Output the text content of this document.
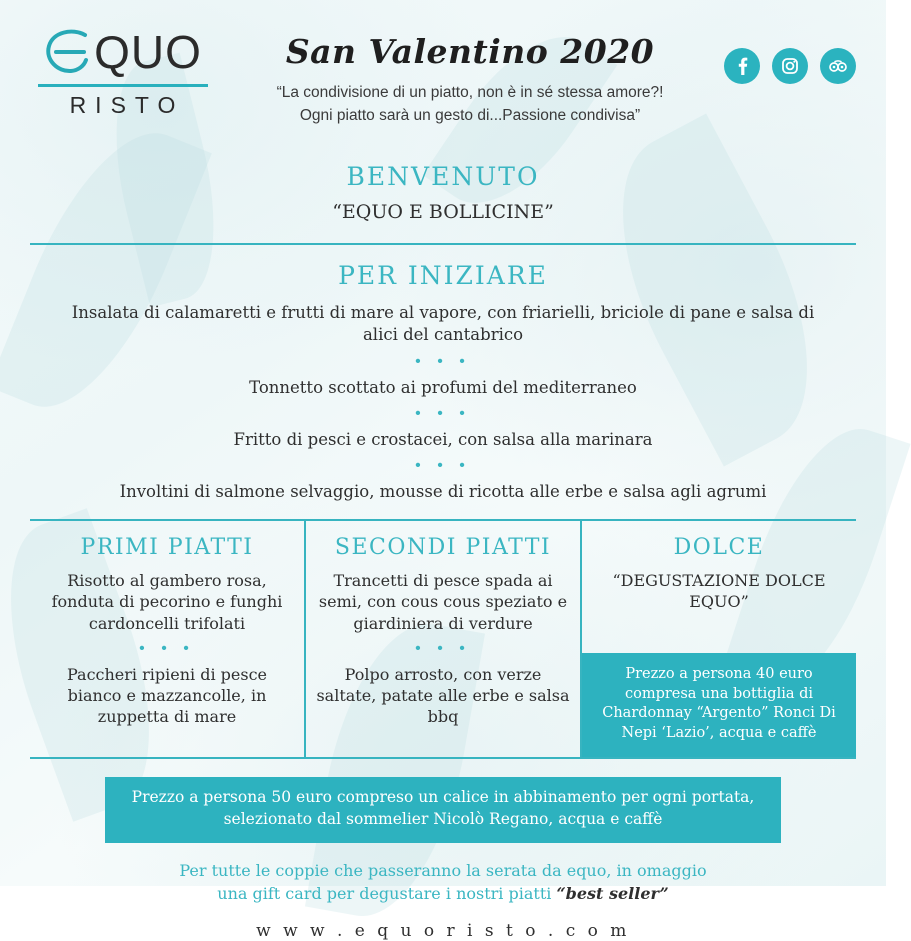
QUO
RISTO
San Valentino 2020
“La condivisione di un piatto, non è in sé stessa amore?!
Ogni piatto sarà un gesto di...Passione condivisa”
BENVENUTO
“EQUO E BOLLICINE”
PER INIZIARE
Insalata di calamaretti e frutti di mare al vapore, con friarielli, briciole di pane e salsa di alici del cantabrico
• • •
Tonnetto scottato ai profumi del mediterraneo
• • •
Fritto di pesci e crostacei, con salsa alla marinara
• • •
Involtini di salmone selvaggio, mousse di ricotta alle erbe e salsa agli agrumi
PRIMI PIATTI
Risotto al gambero rosa, fonduta di pecorino e funghi cardoncelli trifolati
• • •
Paccheri ripieni di pesce bianco e mazzancolle, in zuppetta di mare
SECONDI PIATTI
Trancetti di pesce spada ai semi, con cous cous speziato e giardiniera di verdure
• • •
Polpo arrosto, con verze saltate, patate alle erbe e salsa bbq
DOLCE
“DEGUSTAZIONE DOLCE EQUO”
Prezzo a persona 40 euro compresa una bottiglia di Chardonnay “Argento” Ronci Di Nepi ‘Lazio’, acqua e caffè
Prezzo a persona 50 euro compreso un calice in abbinamento per ogni portata, selezionato dal sommelier Nicolò Regano, acqua e caffè
Per tutte le coppie che passeranno la serata da equo, in omaggio
una gift card per degustare i nostri piatti “best seller”
w w w . e q u o r i s t o . c o m
